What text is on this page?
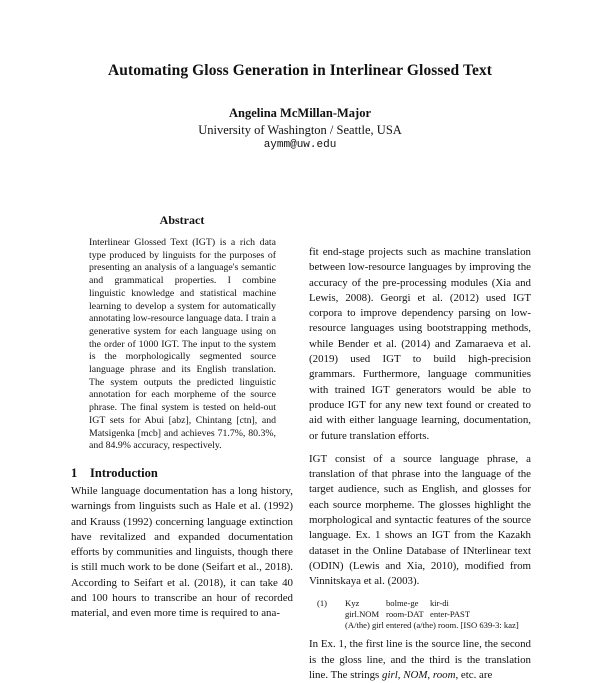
Automating Gloss Generation in Interlinear Glossed Text
Angelina McMillan-Major
University of Washington / Seattle, USA
aymm@uw.edu
Abstract

Interlinear Glossed Text (IGT) is a rich data type produced by linguists for the purposes of presenting an analysis of a language's semantic and grammatical properties. I combine linguistic knowledge and statistical machine learning to develop a system for automatically annotating low-resource language data. I train a generative system for each language using on the order of 1000 IGT. The input to the system is the morphologically segmented source language phrase and its English translation. The system outputs the predicted linguistic annotation for each morpheme of the source phrase. The final system is tested on held-out IGT sets for Abui [abz], Chintang [ctn], and Matsigenka [mcb] and achieves 71.7%, 80.3%, and 84.9% accuracy, respectively.

1 Introduction

While language documentation has a long history, warnings from linguists such as Hale et al. (1992) and Krauss (1992) concerning language extinction have revitalized and expanded documentation efforts by communities and linguists, though there is still much work to be done (Seifart et al., 2018). According to Seifart et al. (2018), it can take 40 and 100 hours to transcribe an hour of recorded material, and even more time is required to ana-

fit end-stage projects such as machine translation between low-resource languages by improving the accuracy of the pre-processing modules (Xia and Lewis, 2008). Georgi et al. (2012) used IGT corpora to improve dependency parsing on low-resource languages using bootstrapping methods, while Bender et al. (2014) and Zamaraeva et al. (2019) used IGT to build high-precision grammars. Furthermore, language communities with trained IGT generators would be able to produce IGT for any new text found or created to aid with either language learning, documentation, or future translation efforts.

IGT consist of a source language phrase, a translation of that phrase into the language of the target audience, such as English, and glosses for each source morpheme. The glosses highlight the morphological and syntactic features of the source language. Ex. 1 shows an IGT from the Kazakh dataset in the Online Database of INterlinear text (ODIN) (Lewis and Xia, 2010), modified from Vinnitskaya et al. (2003).

(1) Kyz	bolme-ge kir-di
girl.NOM room-DAT enter-PAST
(A/the) girl entered (a/the) room. [ISO 639-3: kaz]

In Ex. 1, the first line is the source line, the second is the gloss line, and the third is the translation line. The strings girl, NOM, room, etc. are
